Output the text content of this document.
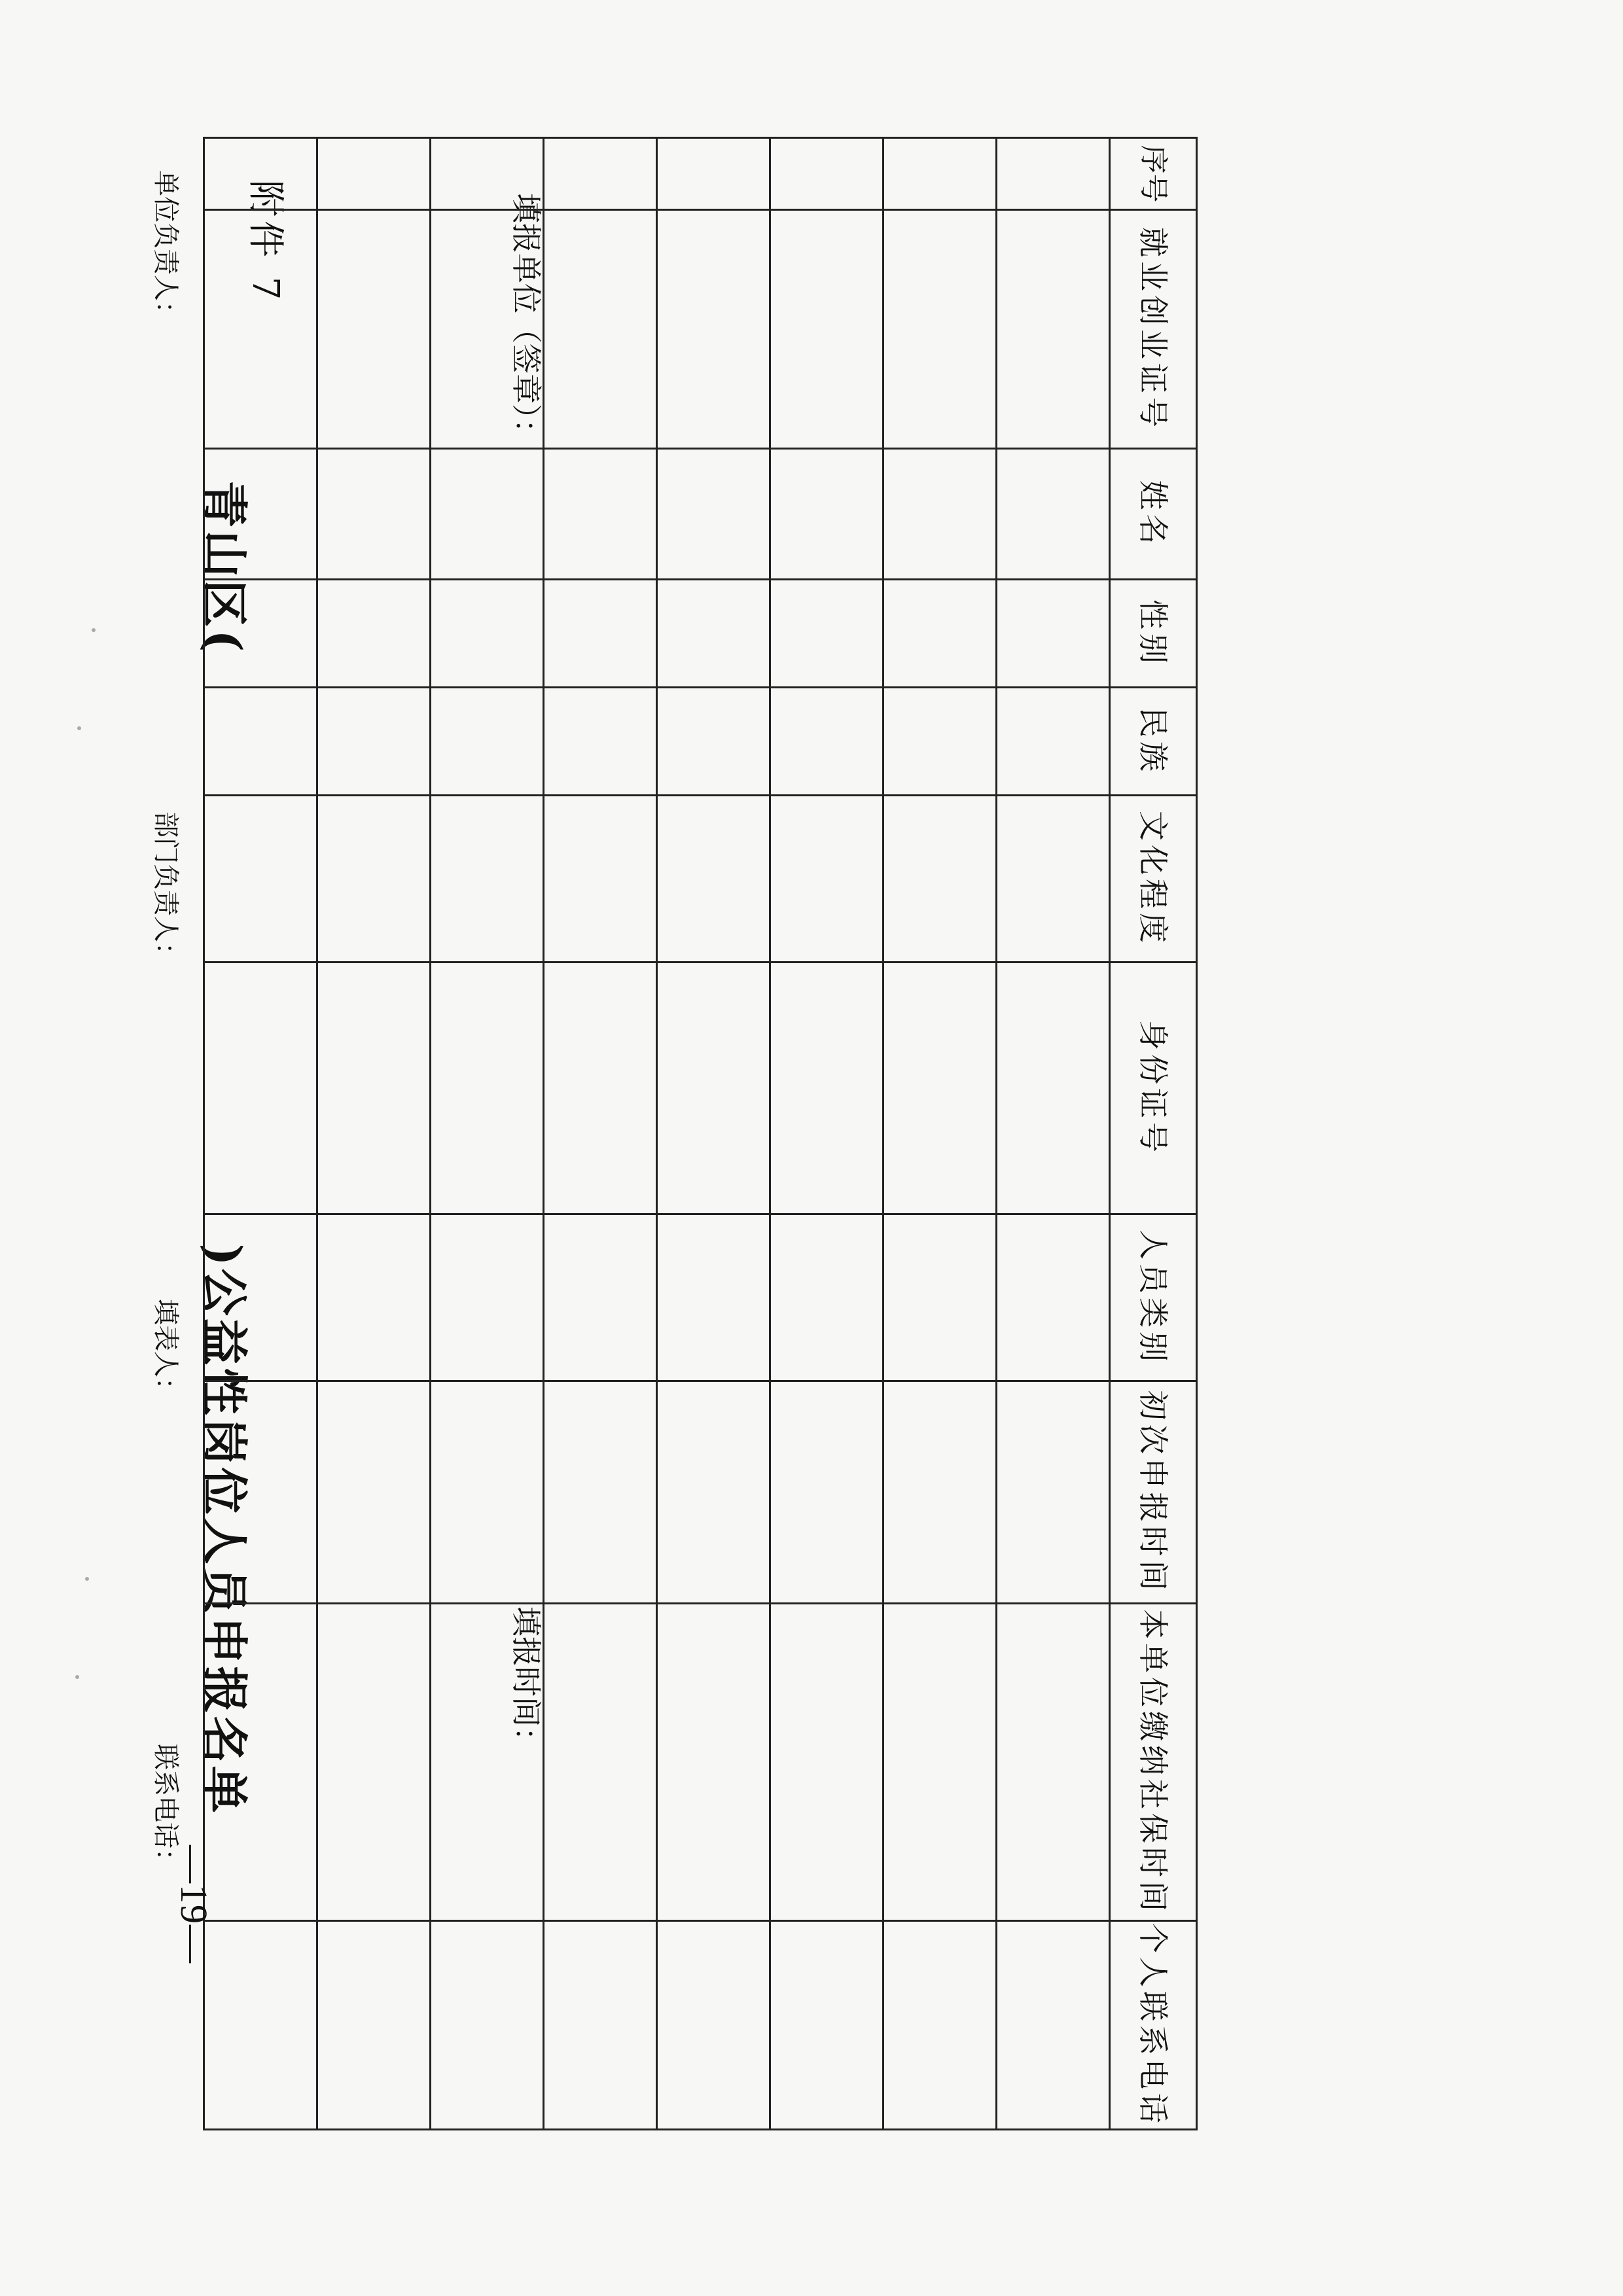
附件 7
青山区()公益性岗位人员申报名单
填报单位（签章）：
填报时间：
序号	就业创业证号	姓名	性别	民族	文化程度	身份证号	人员类别	初次申报时间	本单位缴纳社保时间	个人联系电话

单位负责人：
部门负责人：
填表人：
联系电话：
—19—
